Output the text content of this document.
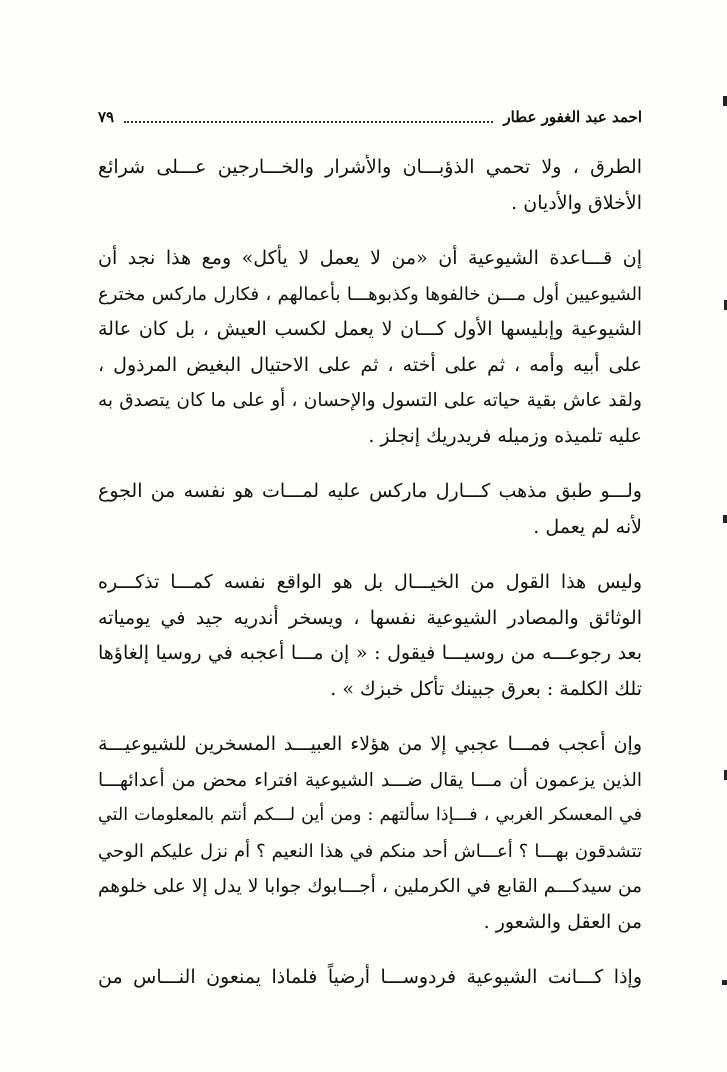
احمد عبد الغفور عطار
٧٩

الطرق ، ولا تحمي الذؤبـــان والأشرار والخـــارجين عـــلى شرائع
الأخلاق والأديان .

إن قـــاعدة الشيوعية أن «من لا يعمل لا يأكل» ومع هذا نجد أن
الشيوعيين أول مـــن خالفوها وكذبوهـــا بأعمالهم ، فكارل ماركس مخترع
الشيوعية وإبليسها الأول كـــان لا يعمل لكسب العيش ، بل كان عالة
على أبيه وأمه ، ثم على أخته ، ثم على الاحتيال البغيض المرذول ،
ولقد عاش بقية حياته على التسول والإحسان ، أو على ما كان يتصدق به
عليه تلميذه وزميله فريدريك إنجلز .

ولـــو طبق مذهب كـــارل ماركس عليه لمـــات هو نفسه من الجوع
لأنه لم يعمل .

وليس هذا القول من الخيـــال بل هو الواقع نفسه كمـــا تذكـــره
الوثائق والمصادر الشيوعية نفسها ، ويسخر أندريه جيد في يومياته
بعد رجوعـــه من روسيـــا فيقول : « إن مـــا أعجبه في روسيا إلغاؤها
تلك الكلمة : بعرق جبينك تأكل خبزك » .

وإن أعجب فمـــا عجبي إلا من هؤلاء العبيـــد المسخرين للشيوعيـــة
الذين يزعمون أن مـــا يقال ضـــد الشيوعية افتراء محض من أعدائهـــا
في المعسكر الغربي ، فـــإذا سألتهم : ومن أين لـــكم أنتم بالمعلومات التي
تتشدقون بهـــا ؟ أعـــاش أحد منكم في هذا النعيم ؟ أم نزل عليكم الوحي
من سيدكـــم القابع في الكرملين ، أجـــابوك جوابا لا يدل إلا على خلوهم
من العقل والشعور .

وإذا كـــانت الشيوعية فردوســـا أرضياً فلماذا يمنعون النـــاس من
